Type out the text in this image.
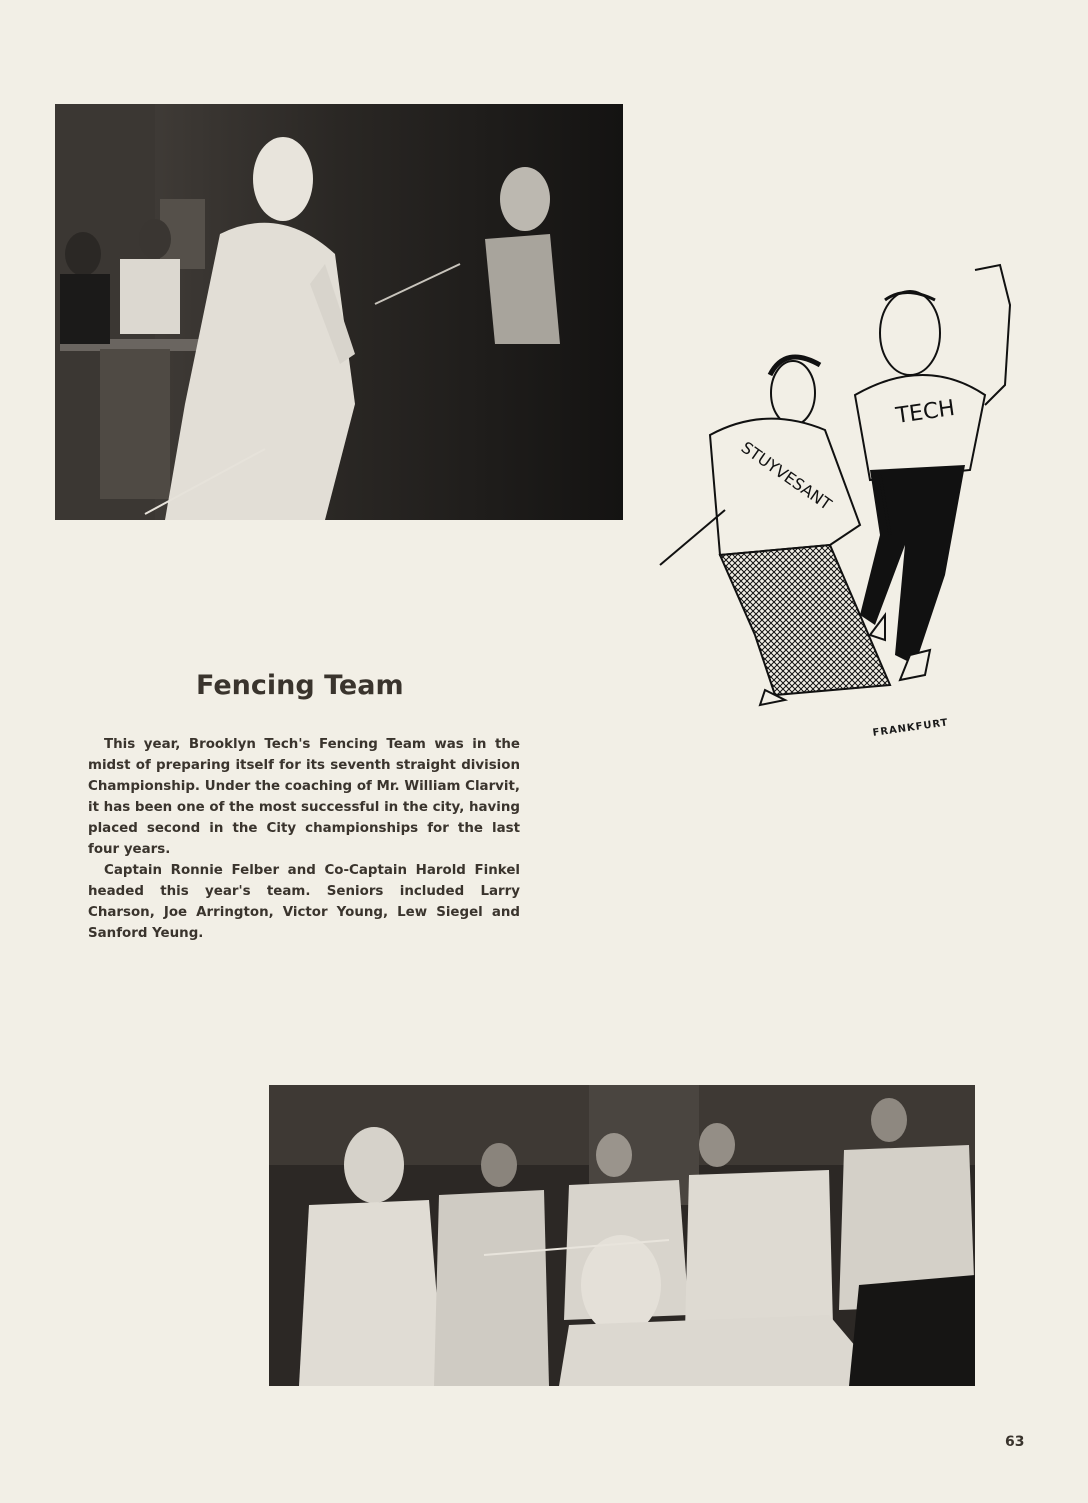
TECH
STUYVESANT
FRANKFURT
Fencing Team

This year, Brooklyn Tech's Fencing Team was in the midst of preparing itself for its seventh straight division Championship. Under the coaching of Mr. William Clarvit, it has been one of the most successful in the city, having placed second in the City championships for the last four years.

Captain Ronnie Felber and Co-Captain Harold Finkel headed this year's team. Seniors included Larry Charson, Joe Arrington, Victor Young, Lew Siegel and Sanford Yeung.

63
